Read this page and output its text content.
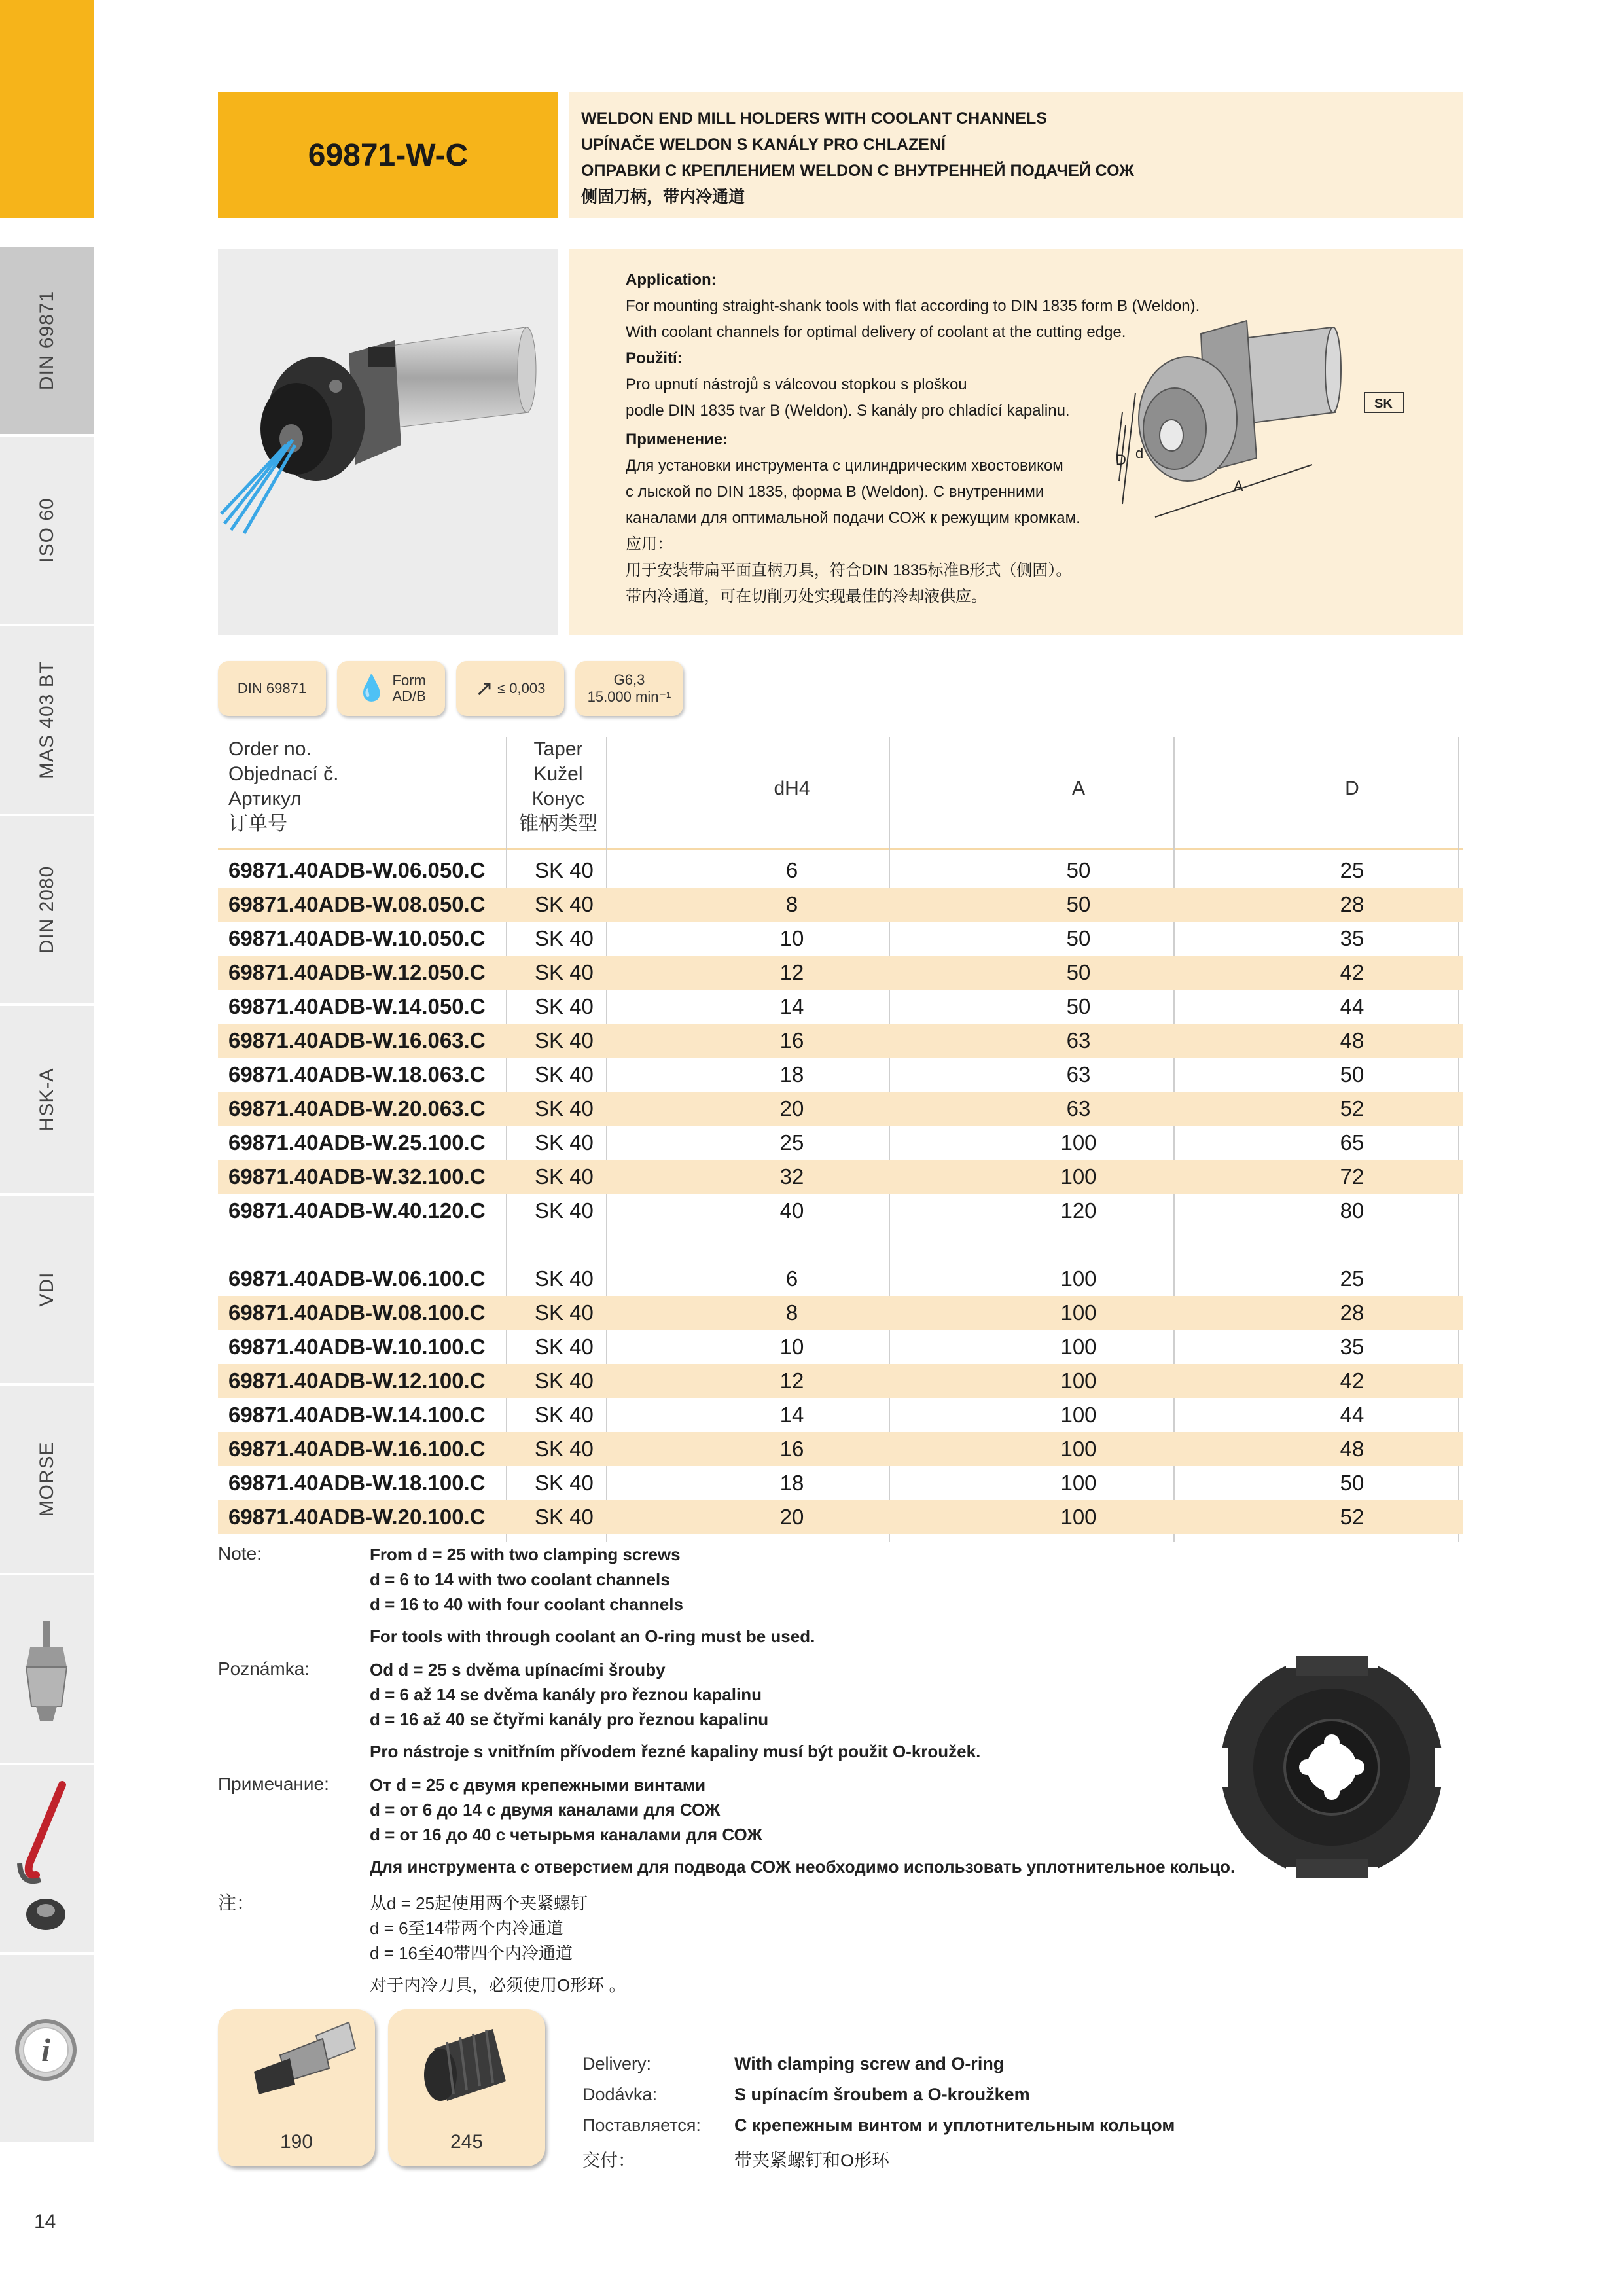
DIN 69871
ISO 60
MAS 403 BT
DIN 2080
HSK-A
VDI
MORSE
i
69871-W-C
WELDON END MILL HOLDERS WITH COOLANT CHANNELS
UPÍNAČE WELDON S KANÁLY PRO CHLAZENÍ
ОПРАВКИ С КРЕПЛЕНИЕМ WELDON С ВНУТРЕННЕЙ ПОДАЧЕЙ СОЖ
侧固刀柄，带内冷通道
Application:
For mounting straight-shank tools with flat according to DIN 1835 form B (Weldon).
With coolant channels for optimal delivery of coolant at the cutting edge.
Použití:
Pro upnutí nástrojů s válcovou stopkou s ploškou
podle DIN 1835 tvar B (Weldon). S kanály pro chladící kapalinu.
Применение:
Для установки инструмента с цилиндрическим хвостовиком
с лыской по DIN 1835, форма B (Weldon). С внутренними
каналами для оптимальной подачи СОЖ к режущим кромкам.
应用：
用于安装带扁平面直柄刀具，符合DIN 1835标准B形式（侧固）。
带内冷通道，可在切削刃处实现最佳的冷却液供应。
d
D
A
SK
DIN 69871	💧 Form
AD/B ↗ ≤ 0,003
G6,3
15.000 min⁻¹
Order no.
Objednací č.
Артикул
订单号
Taper
Kužel
Конус
锥柄类型
dH4	A	D
69871.40ADB-W.06.050.C SK 40	6	50	25
69871.40ADB-W.08.050.C SK 40	8	50	28
69871.40ADB-W.10.050.C SK 40	10	50	35
69871.40ADB-W.12.050.C SK 40	12	50	42
69871.40ADB-W.14.050.C SK 40	14	50	44
69871.40ADB-W.16.063.C SK 40	16	63	48
69871.40ADB-W.18.063.C SK 40	18	63	50
69871.40ADB-W.20.063.C SK 40	20	63	52
69871.40ADB-W.25.100.C SK 40	25	100	65
69871.40ADB-W.32.100.C SK 40	32	100	72
69871.40ADB-W.40.120.C SK 40	40	120	80
69871.40ADB-W.06.100.C SK 40	6	100	25
69871.40ADB-W.08.100.C SK 40	8	100	28
69871.40ADB-W.10.100.C SK 40	10	100	35
69871.40ADB-W.12.100.C SK 40	12	100	42
69871.40ADB-W.14.100.C SK 40	14	100	44
69871.40ADB-W.16.100.C SK 40	16	100	48
69871.40ADB-W.18.100.C SK 40	18	100	50
69871.40ADB-W.20.100.C SK 40	20	100	52
Note:	From d = 25 with two clamping screws
d = 6 to 14 with two coolant channels
d = 16 to 40 with four coolant channels
For tools with through coolant an O-ring must be used.
Poznámka:	Od d = 25 s dvěma upínacími šrouby
d = 6 až 14 se dvěma kanály pro řeznou kapalinu
d = 16 až 40 se čtyřmi kanály pro řeznou kapalinu
Pro nástroje s vnitřním přívodem řezné kapaliny musí být použit O-kroužek.
Примечание: От d = 25 с двумя крепежными винтами
d = от 6 до 14 с двумя каналами для СОЖ
d = от 16 до 40 с четырьмя каналами для СОЖ
Для инструмента с отверстием для подвода СОЖ необходимо использовать уплотнительное кольцо.
注：	从d = 25起使用两个夹紧螺钉
d = 6至14带两个内冷通道
d = 16至40带四个内冷通道
对于内冷刀具，必须使用O形环 。
190	245
Delivery:	With clamping screw and O-ring
Dodávka:	S upínacím šroubem a O-kroužkem
Поставляется: С крепежным винтом и уплотнительным кольцом
交付：	带夹紧螺钉和O形环
14
